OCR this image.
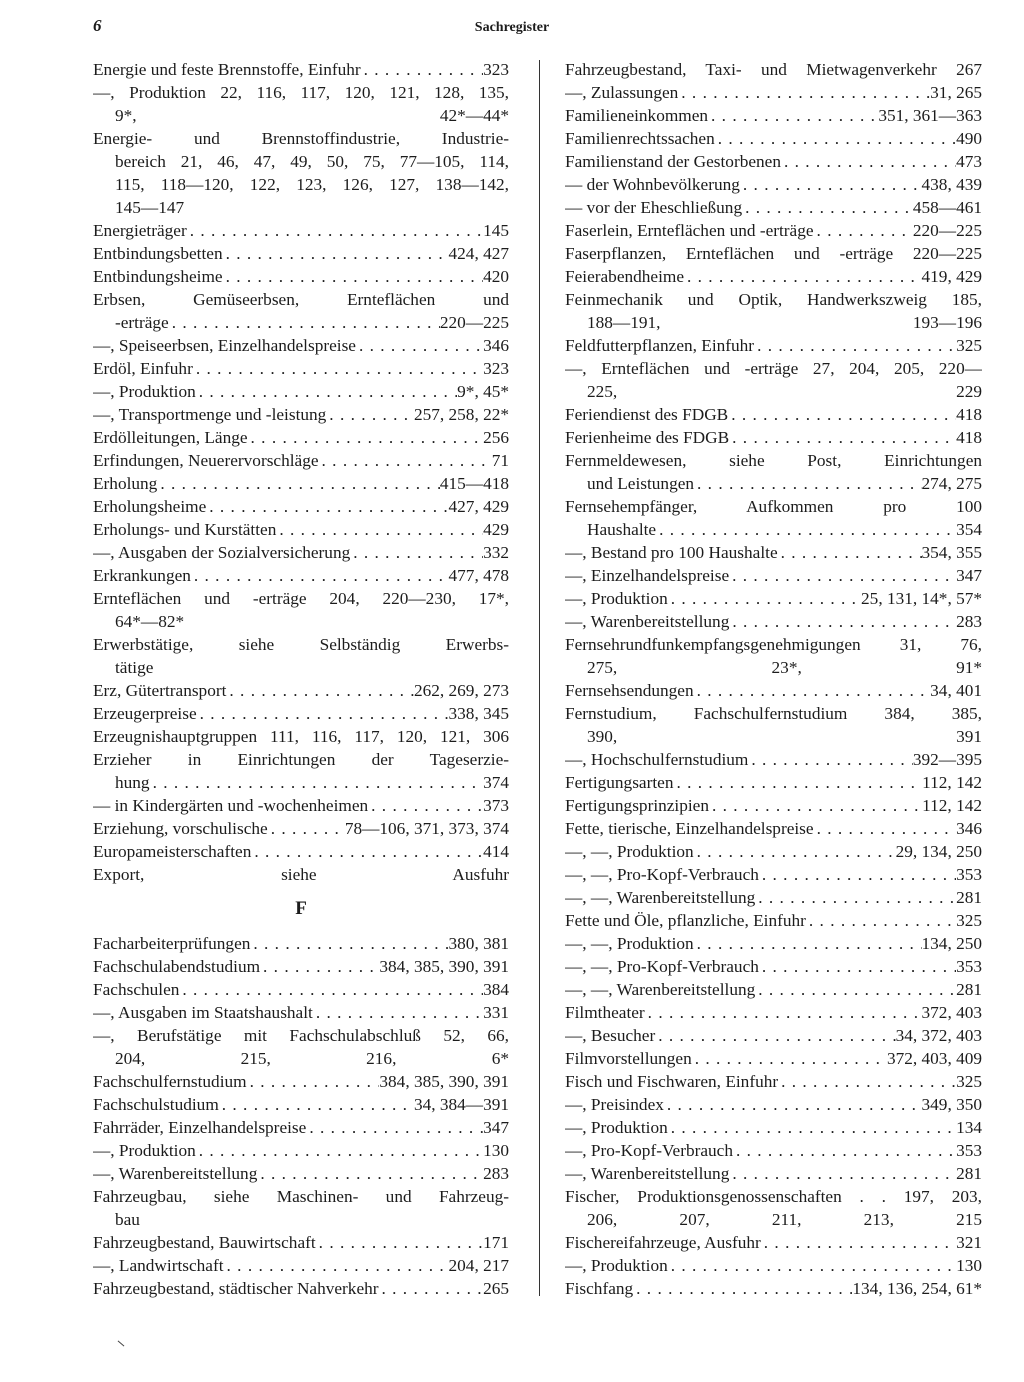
6	Sachregister
Energie und feste Brennstoffe, Einfuhr . . .	323
—, Produktion 22, 116, 117, 120, 121, 128, 135,
9*, 42*—44*
Energie- und Brennstoffindustrie, Industrie-
bereich 21, 46, 47, 49, 50, 75, 77—105, 114,
115, 118—120, 122, 123, 126, 127, 138—142,
145—147
Energieträger . . .	145
Entbindungsbetten . . .	424, 427
Entbindungsheime . . .	420
Erbsen, Gemüseerbsen, Ernteflächen und
-erträge . . .	220—225
—, Speiseerbsen, Einzelhandelspreise . . .	346
Erdöl, Einfuhr . . .	323
—, Produktion . . .	9*, 45*
—, Transportmenge und -leistung . . .	257, 258, 22*
Erdölleitungen, Länge . . .	256
Erfindungen, Neuerervorschläge . . .	71
Erholung . . .	415—418
Erholungsheime . . .	427, 429
Erholungs- und Kurstätten . . .	429
—, Ausgaben der Sozialversicherung . . .	332
Erkrankungen . . .	477, 478
Ernteflächen und -erträge 204, 220—230, 17*,
64*—82*
Erwerbstätige, siehe Selbständig Erwerbs-
tätige
Erz, Gütertransport . . .	262, 269, 273
Erzeugerpreise . . .	338, 345
Erzeugnishauptgruppen 111, 116, 117, 120, 121, 306
Erzieher in Einrichtungen der Tageserzie-
hung . . .	374
— in Kindergärten und -wochenheimen . . .	373
Erziehung, vorschulische . . .	78—106, 371, 373, 374
Europameisterschaften . . .	414
Export, siehe Ausfuhr
F
Facharbeiterprüfungen . . .	380, 381
Fachschulabendstudium . . .	384, 385, 390, 391
Fachschulen . . .	384
—, Ausgaben im Staatshaushalt . . .	331
—, Berufstätige mit Fachschulabschluß 52, 66,
204, 215, 216, 6*
Fachschulfernstudium . . .	384, 385, 390, 391
Fachschulstudium . . .	34, 384—391
Fahrräder, Einzelhandelspreise . . .	347
—, Produktion . . .	130
—, Warenbereitstellung . . .	283
Fahrzeugbau, siehe Maschinen- und Fahrzeug-
bau
Fahrzeugbestand, Bauwirtschaft . . .	171
—, Landwirtschaft . . .	204, 217
Fahrzeugbestand, städtischer Nahverkehr . . .	265
Fahrzeugbestand, Taxi- und Mietwagenverkehr 267
—, Zulassungen . . .	31, 265
Familieneinkommen . . .	351, 361—363
Familienrechtssachen . . .	490
Familienstand der Gestorbenen . . .	473
— der Wohnbevölkerung . . .	438, 439
— vor der Eheschließung . . .	458—461
Faserlein, Ernteflächen und -erträge . . .	220—225
Faserpflanzen, Ernteflächen und -erträge 220—225
Feierabendheime . . .	419, 429
Feinmechanik und Optik, Handwerkszweig 185,
188—191, 193—196
Feldfutterpflanzen, Einfuhr . . .	325
—, Ernteflächen und -erträge 27, 204, 205, 220—
225, 229
Feriendienst des FDGB . . .	418
Ferienheime des FDGB . . .	418
Fernmeldewesen, siehe Post, Einrichtungen
und Leistungen . . .	274, 275
Fernsehempfänger, Aufkommen pro 100
Haushalte . . .	354
—, Bestand pro 100 Haushalte . . .	354, 355
—, Einzelhandelspreise . . .	347
—, Produktion . . .	25, 131, 14*, 57*
—, Warenbereitstellung . . .	283
Fernsehrundfunkempfangsgenehmigungen 31, 76,
275, 23*, 91*
Fernsehsendungen . . .	34, 401
Fernstudium, Fachschulfernstudium 384, 385,
390, 391
—, Hochschulfernstudium . . .	392—395
Fertigungsarten . . .	112, 142
Fertigungsprinzipien . . .	112, 142
Fette, tierische, Einzelhandelspreise . . .	346
—, —, Produktion . . .	29, 134, 250
—, —, Pro-Kopf-Verbrauch . . .	353
—, —, Warenbereitstellung . . .	281
Fette und Öle, pflanzliche, Einfuhr . . .	325
—, —, Produktion . . .	134, 250
—, —, Pro-Kopf-Verbrauch . . .	353
—, —, Warenbereitstellung . . .	281
Filmtheater . . .	372, 403
—, Besucher . . .	34, 372, 403
Filmvorstellungen . . .	372, 403, 409
Fisch und Fischwaren, Einfuhr . . .	325
—, Preisindex . . .	349, 350
—, Produktion . . .	134
—, Pro-Kopf-Verbrauch . . .	353
—, Warenbereitstellung . . .	281
Fischer, Produktionsgenossenschaften . . 197, 203,
206, 207, 211, 213, 215
Fischereifahrzeuge, Ausfuhr . . .	321
—, Produktion . . .	130
Fischfang . . .	134, 136, 254, 61*
